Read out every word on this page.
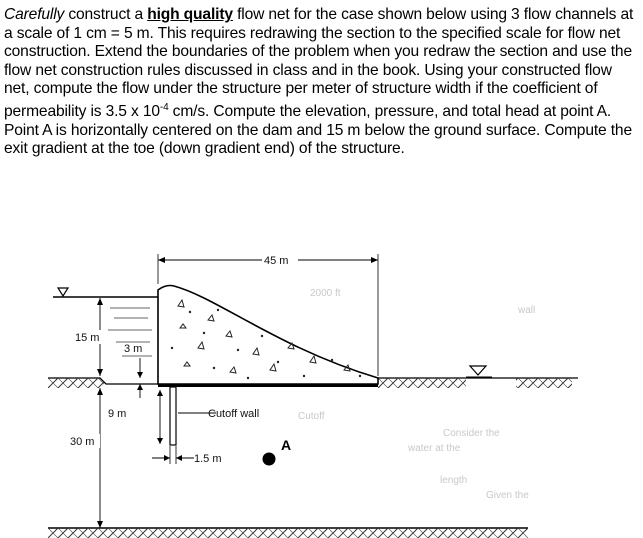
Carefully construct a high quality flow net for the case shown below using 3 flow channels at a scale of 1 cm = 5 m. This requires redrawing the section to the specified scale for flow net construction. Extend the boundaries of the problem when you redraw the section and use the flow net construction rules discussed in class and in the book. Using your constructed flow net, compute the flow under the structure per meter of structure width if the coefficient of permeability is 3.5 x $10^{-4}$ cm/s. Compute the elevation, pressure, and total head at point A. Point A is horizontally centered on the dam and 15 m below the ground surface. Compute the exit gradient at the toe (down gradient end) of the structure.

2000 ft
Cutoff
Consider the
water at the
Given the
length
wall
Cutoff wall
45 m
15 m
3 m
9 m
30 m
1.5 m
A
